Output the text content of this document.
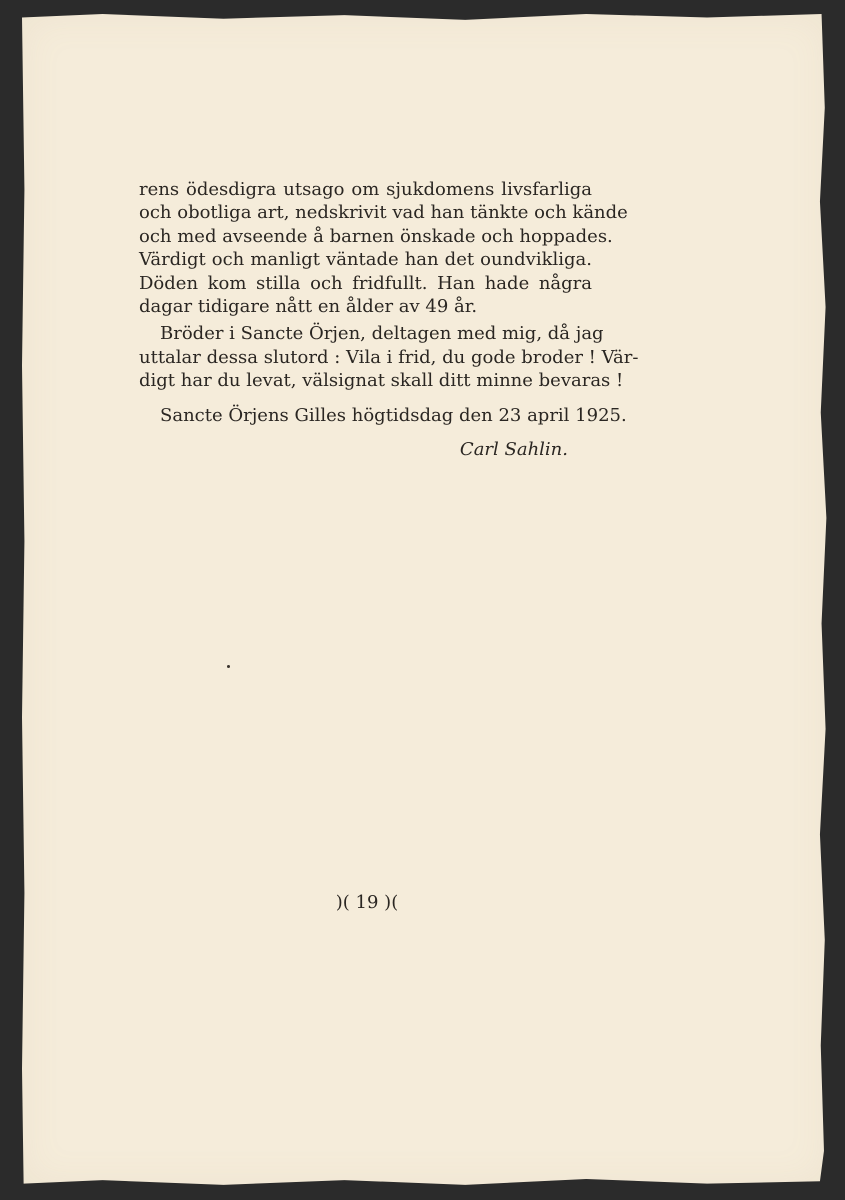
rens ödesdigra utsago om sjukdomens livsfarliga
och obotliga art, nedskrivit vad han tänkte och kände
och med avseende å barnen önskade och hoppades.
Värdigt och manligt väntade han det oundvikliga.
Döden kom stilla och fridfullt. Han hade några
dagar tidigare nått en ålder av 49 år.
Bröder i Sancte Örjen, deltagen med mig, då jag
uttalar dessa slutord : Vila i frid, du gode broder ! Vär-
digt har du levat, välsignat skall ditt minne bevaras !
Sancte Örjens Gilles högtidsdag den 23 april 1925.
Carl Sahlin.
)( 19 )(
